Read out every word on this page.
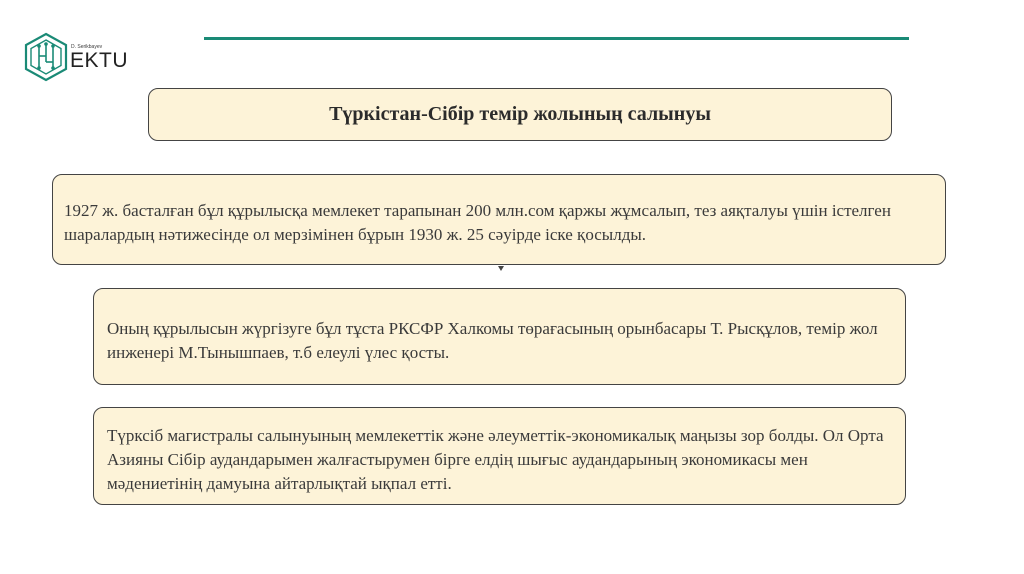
D. Serikbayev
EKTU
Түркістан-Сібір темір жолының салынуы
1927 ж. басталған бұл құрылысқа мемлекет тарапынан 200 млн.сом қаржы жұмсалып, тез аяқталуы үшін істелген шаралардың нәтижесінде ол мерзімінен бұрын 1930 ж. 25 сәуірде іске қосылды.
Оның құрылысын жүргізуге бұл тұста РКСФР Халкомы төрағасының орынбасары Т. Рысқұлов, темір жол инженері М.Тынышпаев, т.б елеулі үлес қосты.
Түрксіб магистралы салынуының мемлекеттік және әлеуметтік-экономикалық маңызы зор болды. Ол Орта Азияны Сібір аудандарымен жалғастырумен бірге елдің шығыс аудандарының экономикасы мен мәдениетінің дамуына айтарлықтай ықпал етті.
